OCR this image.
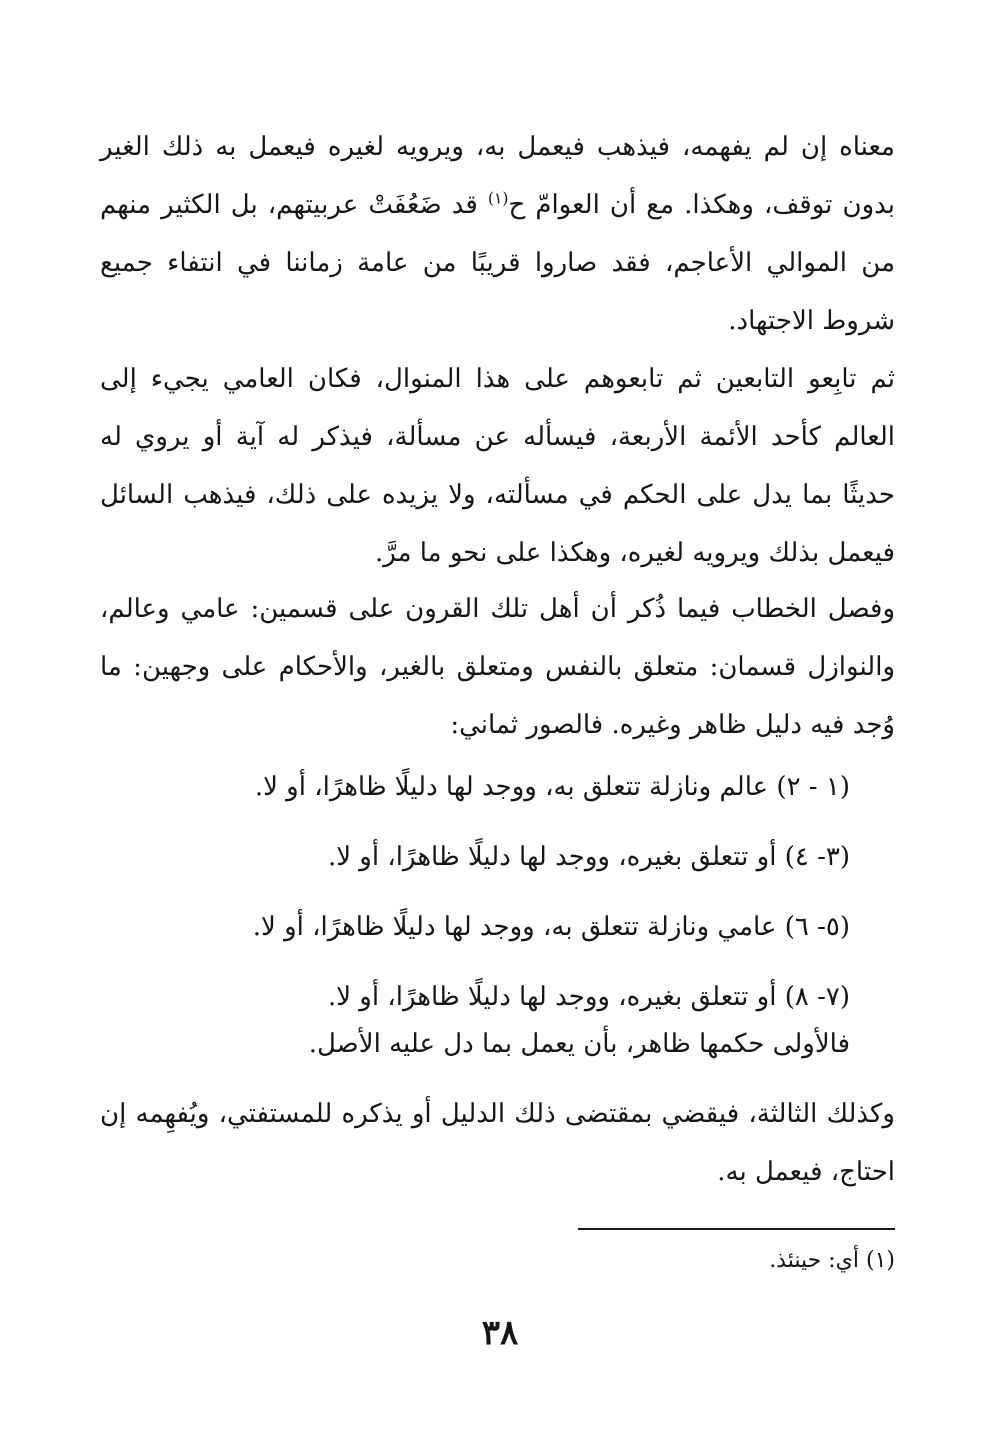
معناه إن لم يفهمه، فيذهب فيعمل به، ويرويه لغيره فيعمل به ذلك الغير بدون توقف، وهكذا. مع أن العوامّ ح$^{(١)}$ قد ضَعُفَتْ عربيتهم، بل الكثير منهم من الموالي الأعاجم، فقد صاروا قريبًا من عامة زماننا في انتفاء جميع شروط الاجتهاد.

ثم تابِعو التابعين ثم تابعوهم على هذا المنوال، فكان العامي يجيء إلى العالم كأحد الأئمة الأربعة، فيسأله عن مسألة، فيذكر له آية أو يروي له حديثًا بما يدل على الحكم في مسألته، ولا يزيده على ذلك، فيذهب السائل فيعمل بذلك ويرويه لغيره، وهكذا على نحو ما مرَّ.

وفصل الخطاب فيما ذُكر أن أهل تلك القرون على قسمين: عامي وعالم، والنوازل قسمان: متعلق بالنفس ومتعلق بالغير، والأحكام على وجهين: ما وُجد فيه دليل ظاهر وغيره. فالصور ثماني:

(١ - ٢) عالم ونازلة تتعلق به، ووجد لها دليلًا ظاهرًا، أو لا.

(٣- ٤) أو تتعلق بغيره، ووجد لها دليلًا ظاهرًا، أو لا.

(٥- ٦) عامي ونازلة تتعلق به، ووجد لها دليلًا ظاهرًا، أو لا.

(٧- ٨) أو تتعلق بغيره، ووجد لها دليلًا ظاهرًا، أو لا.

فالأولى حكمها ظاهر، بأن يعمل بما دل عليه الأصل.

وكذلك الثالثة، فيقضي بمقتضى ذلك الدليل أو يذكره للمستفتي، ويُفهِمه إن احتاج، فيعمل به.

(١) أي: حينئذ.
٣٨
